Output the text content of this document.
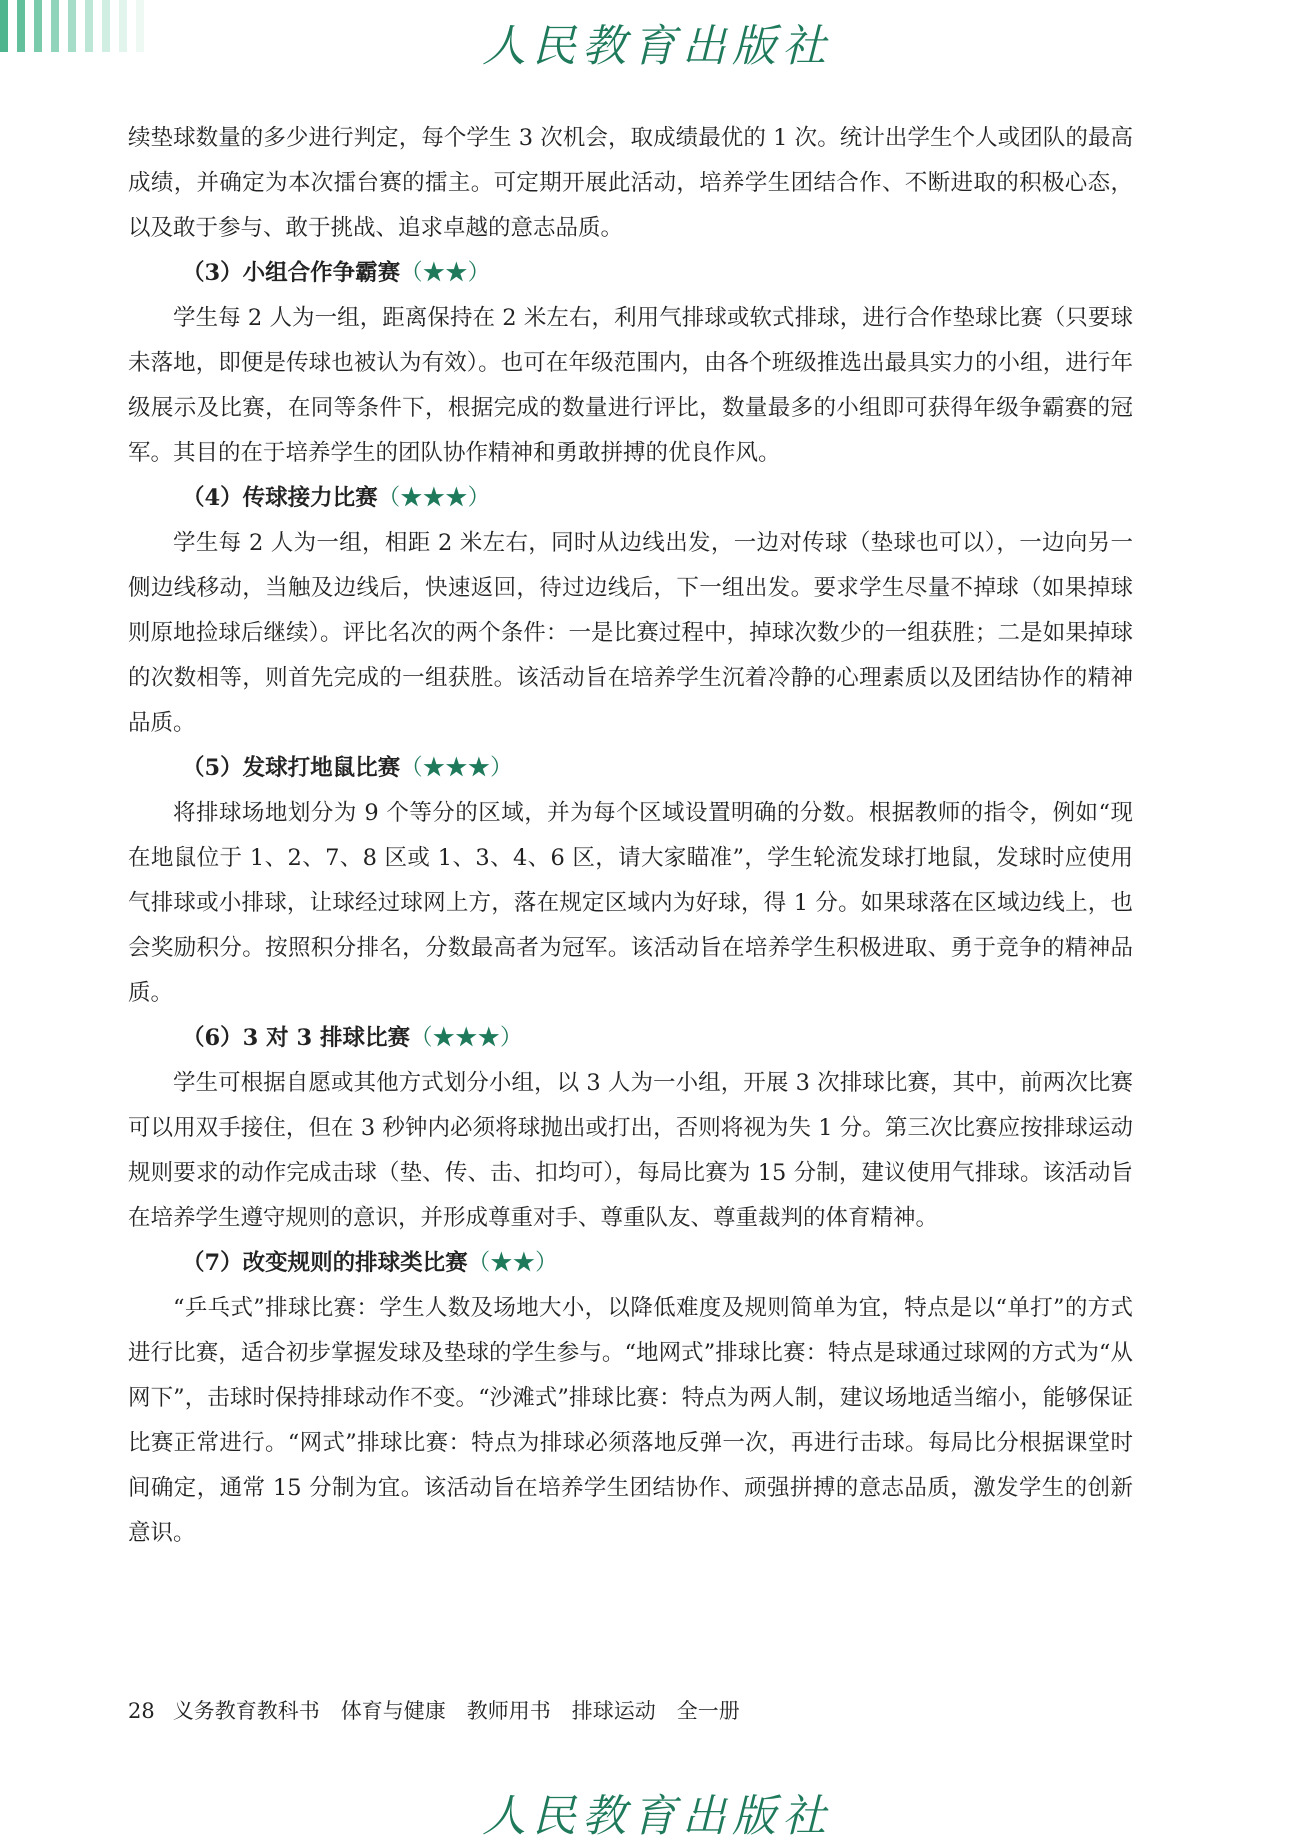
人民教育出版社

续垫球数量的多少进行判定，每个学生 3 次机会，取成绩最优的 1 次。统计出学生个人或团队的最高成绩，并确定为本次擂台赛的擂主。可定期开展此活动，培养学生团结合作、不断进取的积极心态，以及敢于参与、敢于挑战、追求卓越的意志品质。

（3）小组合作争霸赛（★★）

学生每 2 人为一组，距离保持在 2 米左右，利用气排球或软式排球，进行合作垫球比赛（只要球未落地，即便是传球也被认为有效）。也可在年级范围内，由各个班级推选出最具实力的小组，进行年级展示及比赛，在同等条件下，根据完成的数量进行评比，数量最多的小组即可获得年级争霸赛的冠军。其目的在于培养学生的团队协作精神和勇敢拼搏的优良作风。

（4）传球接力比赛（★★★）

学生每 2 人为一组，相距 2 米左右，同时从边线出发，一边对传球（垫球也可以），一边向另一侧边线移动，当触及边线后，快速返回，待过边线后，下一组出发。要求学生尽量不掉球（如果掉球则原地捡球后继续）。评比名次的两个条件：一是比赛过程中，掉球次数少的一组获胜；二是如果掉球的次数相等，则首先完成的一组获胜。该活动旨在培养学生沉着冷静的心理素质以及团结协作的精神品质。

（5）发球打地鼠比赛（★★★）

将排球场地划分为 9 个等分的区域，并为每个区域设置明确的分数。根据教师的指令，例如“现在地鼠位于 1、2、7、8 区或 1、3、4、6 区，请大家瞄准”，学生轮流发球打地鼠，发球时应使用气排球或小排球，让球经过球网上方，落在规定区域内为好球，得 1 分。如果球落在区域边线上，也会奖励积分。按照积分排名，分数最高者为冠军。该活动旨在培养学生积极进取、勇于竞争的精神品质。

（6）3 对 3 排球比赛（★★★）

学生可根据自愿或其他方式划分小组，以 3 人为一小组，开展 3 次排球比赛，其中，前两次比赛可以用双手接住，但在 3 秒钟内必须将球抛出或打出，否则将视为失 1 分。第三次比赛应按排球运动规则要求的动作完成击球（垫、传、击、扣均可），每局比赛为 15 分制，建议使用气排球。该活动旨在培养学生遵守规则的意识，并形成尊重对手、尊重队友、尊重裁判的体育精神。

（7）改变规则的排球类比赛（★★）

“乒乓式”排球比赛：学生人数及场地大小，以降低难度及规则简单为宜，特点是以“单打”的方式进行比赛，适合初步掌握发球及垫球的学生参与。“地网式”排球比赛：特点是球通过球网的方式为“从网下”，击球时保持排球动作不变。“沙滩式”排球比赛：特点为两人制，建议场地适当缩小，能够保证比赛正常进行。“网式”排球比赛：特点为排球必须落地反弹一次，再进行击球。每局比分根据课堂时间确定，通常 15 分制为宜。该活动旨在培养学生团结协作、顽强拼搏的意志品质，激发学生的创新意识。

28 义务教育教科书　体育与健康　教师用书　排球运动　全一册
人民教育出版社
